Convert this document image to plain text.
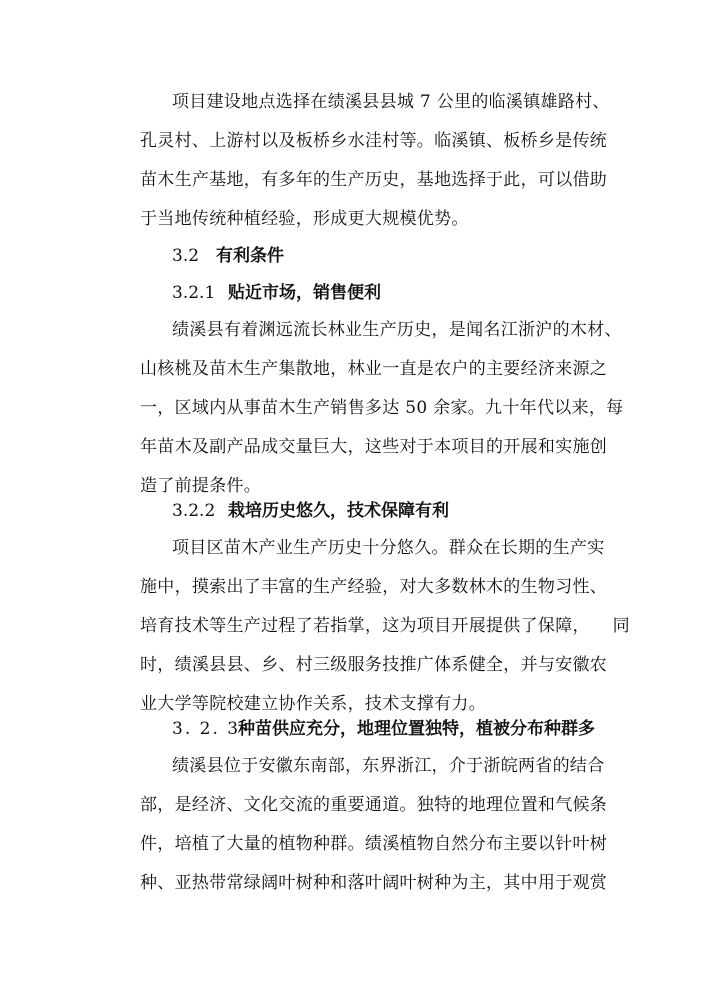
项目建设地点选择在绩溪县县城 7 公里的临溪镇雄路村、
孔灵村、上游村以及板桥乡水洼村等。临溪镇、板桥乡是传统
苗木生产基地，有多年的生产历史，基地选择于此，可以借助
于当地传统种植经验，形成更大规模优势。
3.2 有利条件
3.2.1 贴近市场，销售便利
绩溪县有着渊远流长林业生产历史，是闻名江浙沪的木材、
山核桃及苗木生产集散地，林业一直是农户的主要经济来源之
一，区域内从事苗木生产销售多达 50 余家。九十年代以来，每
年苗木及副产品成交量巨大，这些对于本项目的开展和实施创
造了前提条件。
3.2.2 栽培历史悠久，技术保障有利
项目区苗木产业生产历史十分悠久。群众在长期的生产实
施中，摸索出了丰富的生产经验，对大多数林木的生物习性、
培育技术等生产过程了若指掌，这为项目开展提供了保障，    同
时，绩溪县县、乡、村三级服务技推广体系健全，并与安徽农
业大学等院校建立协作关系，技术支撑有力。
3. 2. 3种苗供应充分，地理位置独特，植被分布种群多
绩溪县位于安徽东南部，东界浙江，介于浙皖两省的结合
部，是经济、文化交流的重要通道。独特的地理位置和气候条
件，培植了大量的植物种群。绩溪植物自然分布主要以针叶树
种、亚热带常绿阔叶树种和落叶阔叶树种为主，其中用于观赏
